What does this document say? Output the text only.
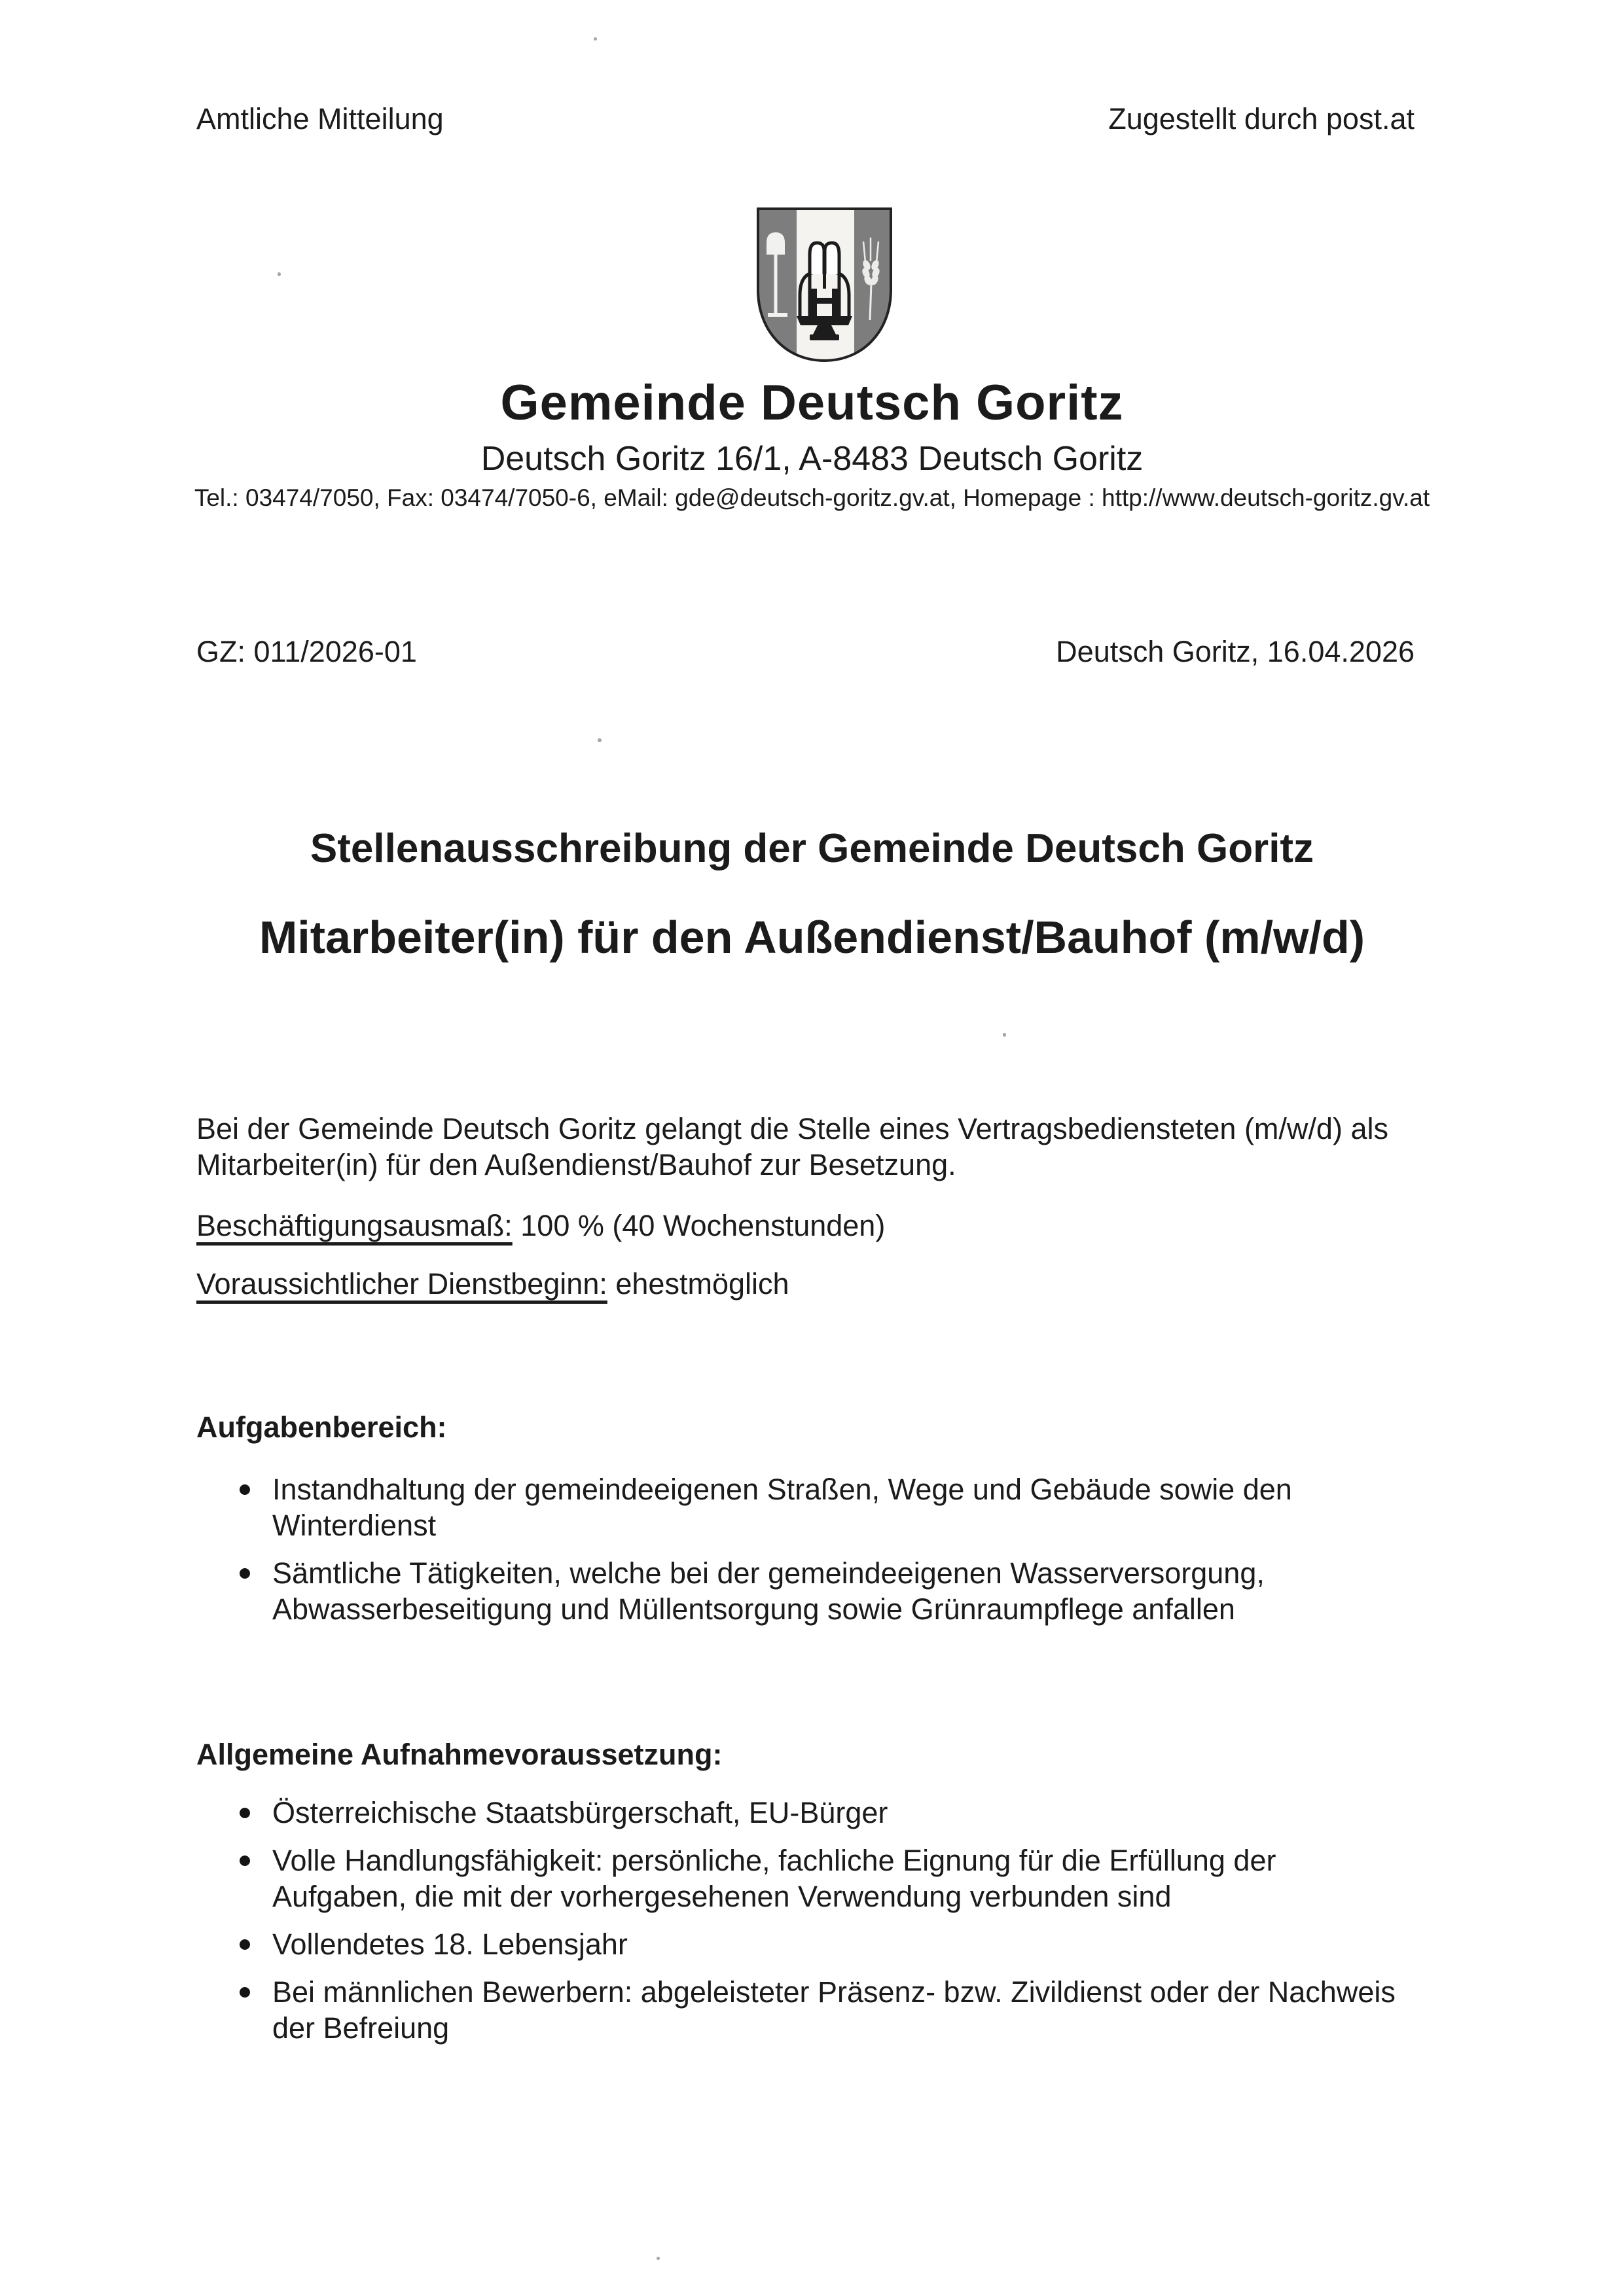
Amtliche Mitteilung	Zugestellt durch post.at
Gemeinde Deutsch Goritz
Deutsch Goritz 16/1, A-8483 Deutsch Goritz
Tel.: 03474/7050, Fax: 03474/7050-6, eMail: gde@deutsch-goritz.gv.at, Homepage : http://www.deutsch-goritz.gv.at
GZ: 011/2026-01	Deutsch Goritz, 16.04.2026
Stellenausschreibung der Gemeinde Deutsch Goritz
Mitarbeiter(in) für den Außendienst/Bauhof (m/w/d)
Bei der Gemeinde Deutsch Goritz gelangt die Stelle eines Vertragsbediensteten (m/w/d) als Mitarbeiter(in) für den Außendienst/Bauhof zur Besetzung.
Beschäftigungsausmaß: 100 % (40 Wochenstunden)
Voraussichtlicher Dienstbeginn: ehestmöglich
Aufgabenbereich:
Instandhaltung der gemeindeeigenen Straßen, Wege und Gebäude sowie den Winterdienst
Sämtliche Tätigkeiten, welche bei der gemeindeeigenen Wasserversorgung, Abwasserbeseitigung und Müllentsorgung sowie Grünraumpflege anfallen
Allgemeine Aufnahmevoraussetzung:
Österreichische Staatsbürgerschaft, EU-Bürger
Volle Handlungsfähigkeit: persönliche, fachliche Eignung für die Erfüllung der Aufgaben, die mit der vorhergesehenen Verwendung verbunden sind
Vollendetes 18. Lebensjahr
Bei männlichen Bewerbern: abgeleisteter Präsenz- bzw. Zivildienst oder der Nachweis der Befreiung
